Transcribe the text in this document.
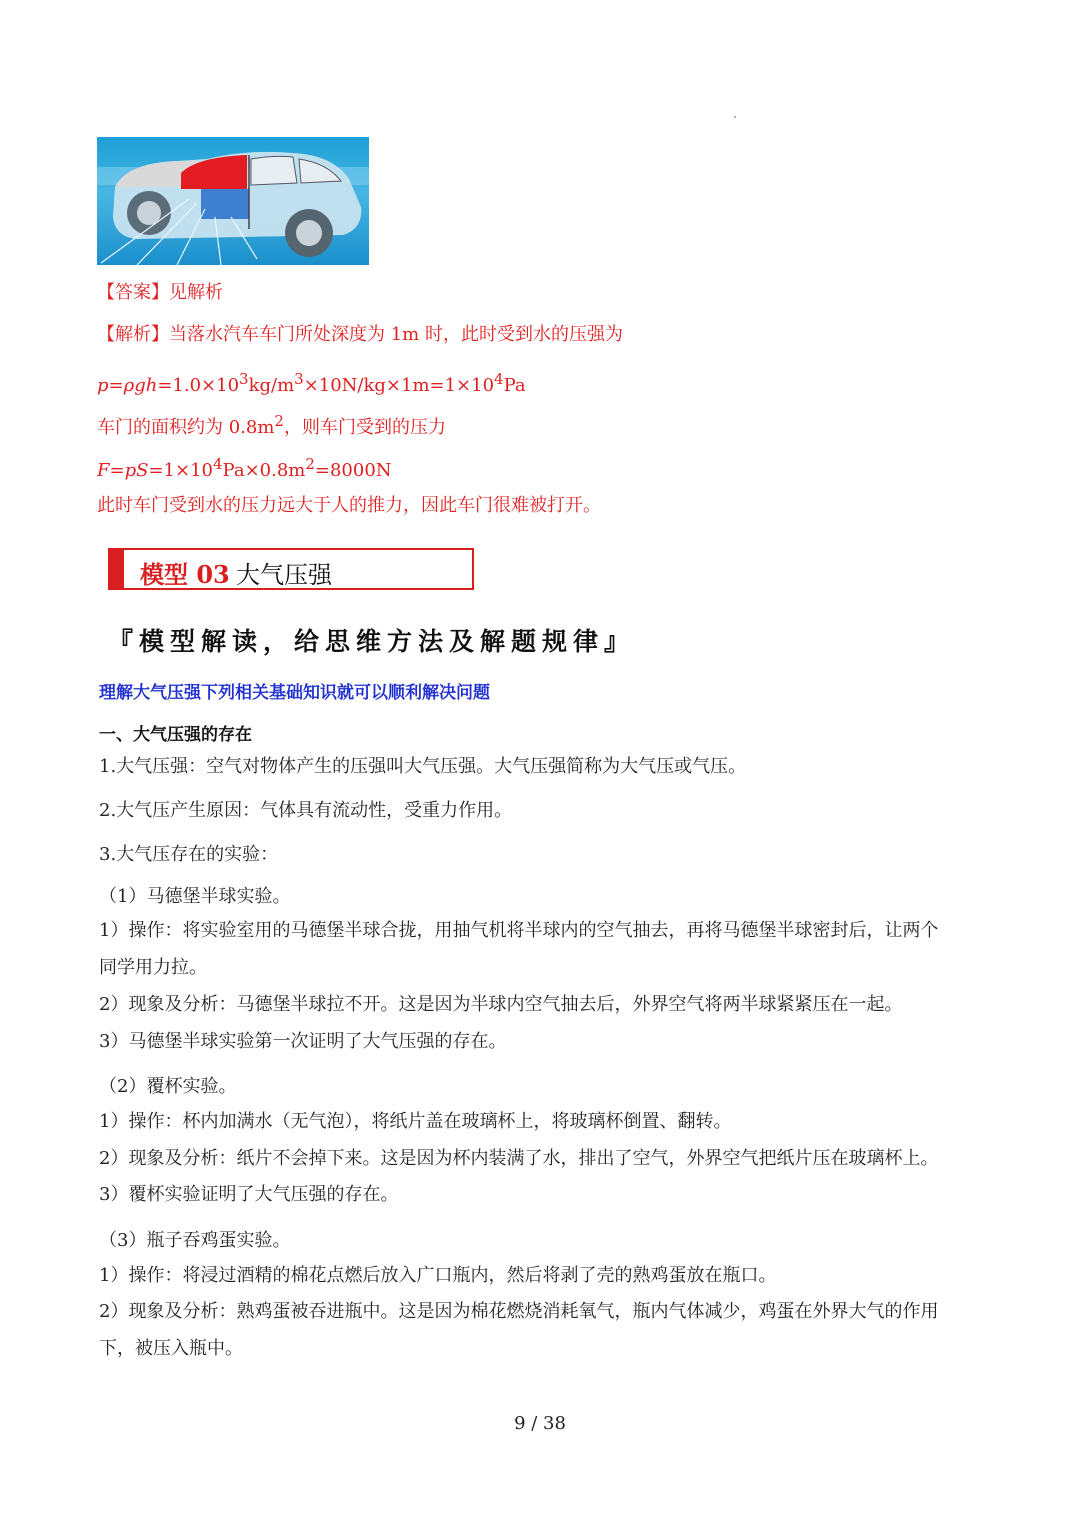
【答案】见解析
【解析】当落水汽车车门所处深度为 1m 时，此时受到水的压强为
$p=\rho gh=1.0\times 10^3kg/m^3\times 10N/kg\times 1m=1\times 10^4Pa$
车门的面积约为 $0.8m^2$，则车门受到的压力
$F=pS=1\times 10^4Pa\times 0.8m^2=8000N$
此时车门受到水的压力远大于人的推力，因此车门很难被打开。
模型 03 大气压强
『模型解读，给思维方法及解题规律』
理解大气压强下列相关基础知识就可以顺利解决问题
一、大气压强的存在
1.大气压强：空气对物体产生的压强叫大气压强。大气压强简称为大气压或气压。
2.大气压产生原因：气体具有流动性，受重力作用。
3.大气压存在的实验：
（1）马德堡半球实验。
1）操作：将实验室用的马德堡半球合拢，用抽气机将半球内的空气抽去，再将马德堡半球密封后，让两个
同学用力拉。
2）现象及分析：马德堡半球拉不开。这是因为半球内空气抽去后，外界空气将两半球紧紧压在一起。
3）马德堡半球实验第一次证明了大气压强的存在。
（2）覆杯实验。
1）操作：杯内加满水（无气泡），将纸片盖在玻璃杯上，将玻璃杯倒置、翻转。
2）现象及分析：纸片不会掉下来。这是因为杯内装满了水，排出了空气，外界空气把纸片压在玻璃杯上。
3）覆杯实验证明了大气压强的存在。
（3）瓶子吞鸡蛋实验。
1）操作：将浸过酒精的棉花点燃后放入广口瓶内，然后将剥了壳的熟鸡蛋放在瓶口。
2）现象及分析：熟鸡蛋被吞进瓶中。这是因为棉花燃烧消耗氧气，瓶内气体减少，鸡蛋在外界大气的作用
下，被压入瓶中。
9 / 38
